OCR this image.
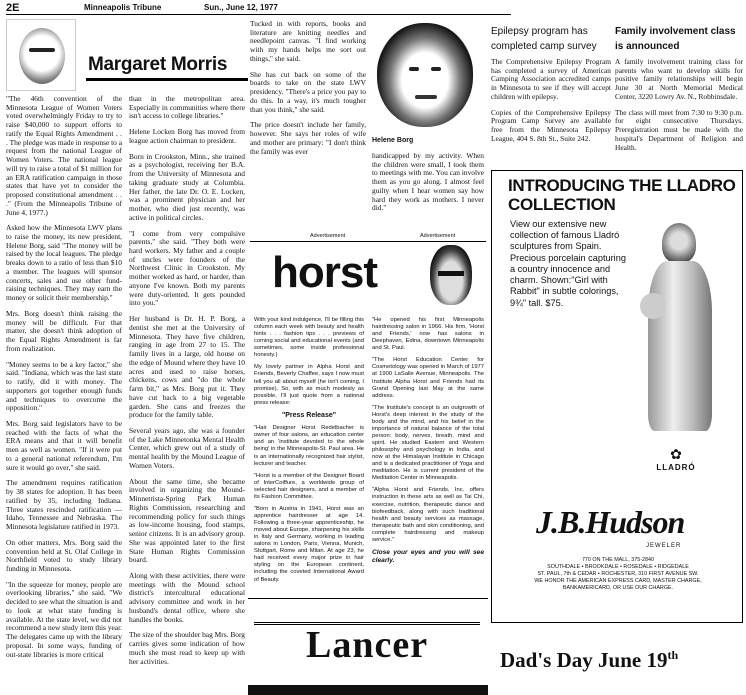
2E	Minneapolis Tribune	Sun., June 12, 1977
Margaret Morris

"The 46th convention of the Minnesota League of Women Voters voted overwhelmingly Friday to try to raise $40,000 to support efforts to ratify the Equal Rights Amendment . . . The pledge was made in response to a request from the national League of Women Voters. The national league will try to raise a total of $1 million for an ERA ratification campaign in those states that have yet to consider the proposed constitutional amendment . . ." (From the Minneapolis Tribune of June 4, 1977.)

Asked how the Minnesota LWV plans to raise the money, its new president, Helene Borg, said "The money will be raised by the local leagues. The pledge breaks down to a ratio of less than $10 a member. The leagues will sponsor concerts, sales and use other fund-raising techniques. They may earn the money or solicit their membership."

Mrs. Borg doesn't think raising the money will be difficult. For that matter, she doesn't think adoption of the Equal Rights Amendment is far from realization.

"Money seems to be a key factor," she said. "Indiana, which was the last state to ratify, did it with money. The supporters got together enough funds and techniques to overcome the opposition."

Mrs. Borg said legislators have to be reached with the facts of what the ERA means and that it will benefit men as well as women. "If it were put to a general national referendum, I'm sure it would go over," she said.

The amendment requires ratification by 38 states for adoption. It has been ratified by 35, including Indiana. Three states rescinded ratification — Idaho, Tennessee and Nebraska. The Minnesota legislature ratified in 1973.

On other matters, Mrs. Borg said the convention held at St. Olaf College in Northfield voted to study library funding in Minnesota.

"In the squeeze for money, people are overlooking libraries," she said. "We decided to see what the situation is and to look at what state funding is available. At the state level, we did not recommend a new study item this year. The delegates came up with the library proposal. In some ways, funding of out-state libraries is more critical

than in the metropolitan area. Especially in communities where there isn't access to college libraries."

Helene Locken Borg has moved from league action chairman to president.

Born in Crookston, Minn., she trained as a psychologist, receiving her B.A. from the University of Minnesota and taking graduate study at Columbia. Her father, the late Dr. O. E. Locken, was a prominent physician and her mother, who died just recently, was active in political circles.

"I come from very compulsive parents," she said. "They both were hard workers. My father and a couple of uncles were founders of the Northwest Clinic in Crookston. My mother worked as hard, or harder, than anyone I've known. Both my parents were duty-oriented. It gets pounded into you."

Her husband is Dr. H. P. Borg, a dentist she met at the University of Minnesota. They have five children, ranging in age from 27 to 15. The family lives in a large, old house on the edge of Mound where they have 10 acres and used to raise horses, chickens, cows and "do the whole farm bit," as Mrs. Borg put it. They have cut back to a big vegetable garden. She cans and freezes the produce for the family table.

Several years ago, she was a founder of the Lake Minnetonka Mental Health Center, which grew out of a study of mental health by the Mound League of Women Voters.

About the same time, she became involved in organizing the Mound-Minnetrista-Spring Park Human Rights Commission, researching and recommending policy for such things as low-income housing, food stamps, senior citizens. It is an advisory group. She was appointed later to the first State Human Rights Commission board.

Along with these activities, there were meetings with the Mound school district's intercultural educational advisory committee and work in her husband's dental office, where she handles the books.

The size of the shoulder bag Mrs. Borg carries gives some indication of how much she must read to keep up with her activities.

Tucked in with reports, books and literature are knitting needles and needlepoint canvas. "I find working with my hands helps me sort out things," she said.

She has cut back on some of the boards to take on the state LWV presidency. "There's a price you pay to do this. In a way, it's much tougher than you think," she said.

The price doesn't include her family, however. She says her roles of wife and mother are primary: "I don't think the family was ever

Helene Borg

handicapped by my activity. When the children were small, I took them to meetings with me. You can involve them as you go along. I almost feel guilty when I hear women say how hard they work as mothers. I never did."

Advertisement	Advertisement
horst

With your kind indulgence, I'll be filling this column each week with beauty and health hints . . . fashion tips . . . previews of coming social and educational events (and sometimes, some inside professional honesty.)

My lovely partner in Alpha Horst and Friends, Beverly Chaffee, says I now must tell you all about myself (he isn't coming, I promise). So, with as much modesty as possible, I'll just quote from a national press release:

"Press Release"

"Hair Designer Horst Redelbacher is owner of four salons, an education center and an 'institute devoted to the whole being' in the Minneapolis-St. Paul area. He is an internationally recognized hair stylist, lecturer and teacher.

"Horst is a member of the Designer Board of InterCoiffure, a worldwide group of selected hair designers, and a member of its Fashion Committee.

"Born in Austria in 1941, Horst was an apprentice hairdresser at age 14. Following a three-year apprenticeship, he moved about Europe, sharpening his skills in Italy and Germany, working in leading salons in London, Paris, Vienna, Munich, Stuttgart, Rome and Milan. At age 23, he had received every major prize in hair styling on the European continent, including the coveted International Award of Beauty.

"He opened his first Minneapolis hairdressing salon in 1966. His firm, 'Horst and Friends,' now has salons in Deephaven, Edina, downtown Minneapolis and St. Paul.

"The Horst Education Center for Cosmetology was opened in March of 1977 at 1900 LaSalle Avenue, Minneapolis. The Institute Alpha Horst and Friends had its Grand Opening last May at the same address.

"The Institute's concept is an outgrowth of Horst's deep interest in the study of the body and the mind, and his belief in the importance of natural balance of the total person: body, nerves, breath, mind and spirit. He studied Eastern and Western philosophy and psychology in India, and now at the Himalayan Institute in Chicago and is a dedicated practitioner of Yoga and meditation. He is current president of the Meditation Center in Minneapolis.

"Alpha Horst and Friends, Inc. offers instruction in these arts as well as Tai Chi, exercise, nutrition, therapeutic dance and biofeedback, along with such traditional health and beauty services as massage, therapeutic bath and skin conditioning, and complete hairdressing and makeup service."

Close your eyes and you will see clearly.

Lancer
Epilepsy program has completed camp survey

The Comprehensive Epilepsy Program has completed a survey of American Camping Association accredited camps in Minnesota to see if they will accept children with epilepsy.

Copies of the Comprehensive Epilepsy Program Camp Survey are available free from the Minnesota Epilepsy League, 404 S. 8th St., Suite 242.

Family involvement class is announced

A family involvement training class for parents who want to develop skills for positive family relationships will begin June 30 at North Memorial Medical Center, 3220 Lowry Av. N., Robbinsdale.

The class will meet from 7:30 to 9:30 p.m. for eight consecutive Thursdays. Preregistration must be made with the hospital's Department of Religion and Health.

INTRODUCING THE LLADRO
COLLECTION
View our extensive new collection of famous Lladró sculptures from Spain. Precious porcelain capturing a country innocence and charm. Shown:"Girl with Rabbit" in subtle colorings, 9¾" tall. $75.
✿
LLADRÓ
J.B.Hudson
JEWELER
770 ON THE MALL, 375-2840
SOUTHDALE • BROOKDALE • ROSEDALE • RIDGEDALE
ST. PAUL, 7th & CEDAR • ROCHESTER, 310 FIRST AVENUE SW.
WE HONOR THE AMERICAN EXPRESS CARD, MASTER CHARGE,
BANKAMERICARD, OR USE OUR CHARGE.
Dad's Day June 19th
